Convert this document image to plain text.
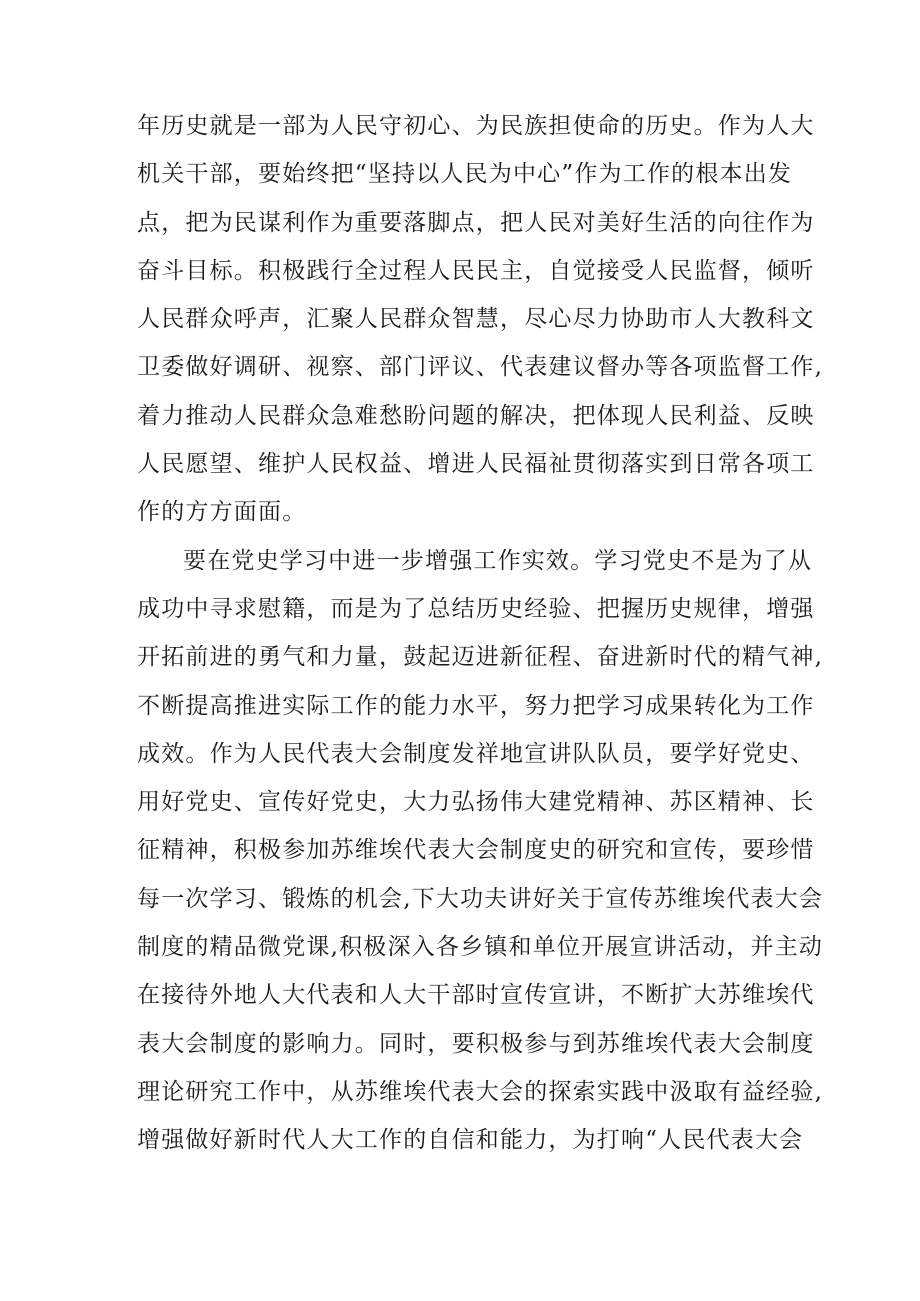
年历史就是一部为人民守初心、为民族担使命的历史。作为人大
机关干部，要始终把“坚持以人民为中心”作为工作的根本出发
点，把为民谋利作为重要落脚点，把人民对美好生活的向往作为
奋斗目标。积极践行全过程人民民主，自觉接受人民监督，倾听
人民群众呼声，汇聚人民群众智慧，尽心尽力协助市人大教科文
卫委做好调研、视察、部门评议、代表建议督办等各项监督工作,
着力推动人民群众急难愁盼问题的解决，把体现人民利益、反映
人民愿望、维护人民权益、增进人民福祉贯彻落实到日常各项工
作的方方面面。
要在党史学习中进一步增强工作实效。学习党史不是为了从
成功中寻求慰籍，而是为了总结历史经验、把握历史规律，增强
开拓前进的勇气和力量，鼓起迈进新征程、奋进新时代的精气神,
不断提高推进实际工作的能力水平，努力把学习成果转化为工作
成效。作为人民代表大会制度发祥地宣讲队队员，要学好党史、
用好党史、宣传好党史，大力弘扬伟大建党精神、苏区精神、长
征精神，积极参加苏维埃代表大会制度史的研究和宣传，要珍惜
每一次学习、锻炼的机会,下大功夫讲好关于宣传苏维埃代表大会
制度的精品微党课,积极深入各乡镇和单位开展宣讲活动，并主动
在接待外地人大代表和人大干部时宣传宣讲，不断扩大苏维埃代
表大会制度的影响力。同时，要积极参与到苏维埃代表大会制度
理论研究工作中，从苏维埃代表大会的探索实践中汲取有益经验,
增强做好新时代人大工作的自信和能力，为打响“人民代表大会
